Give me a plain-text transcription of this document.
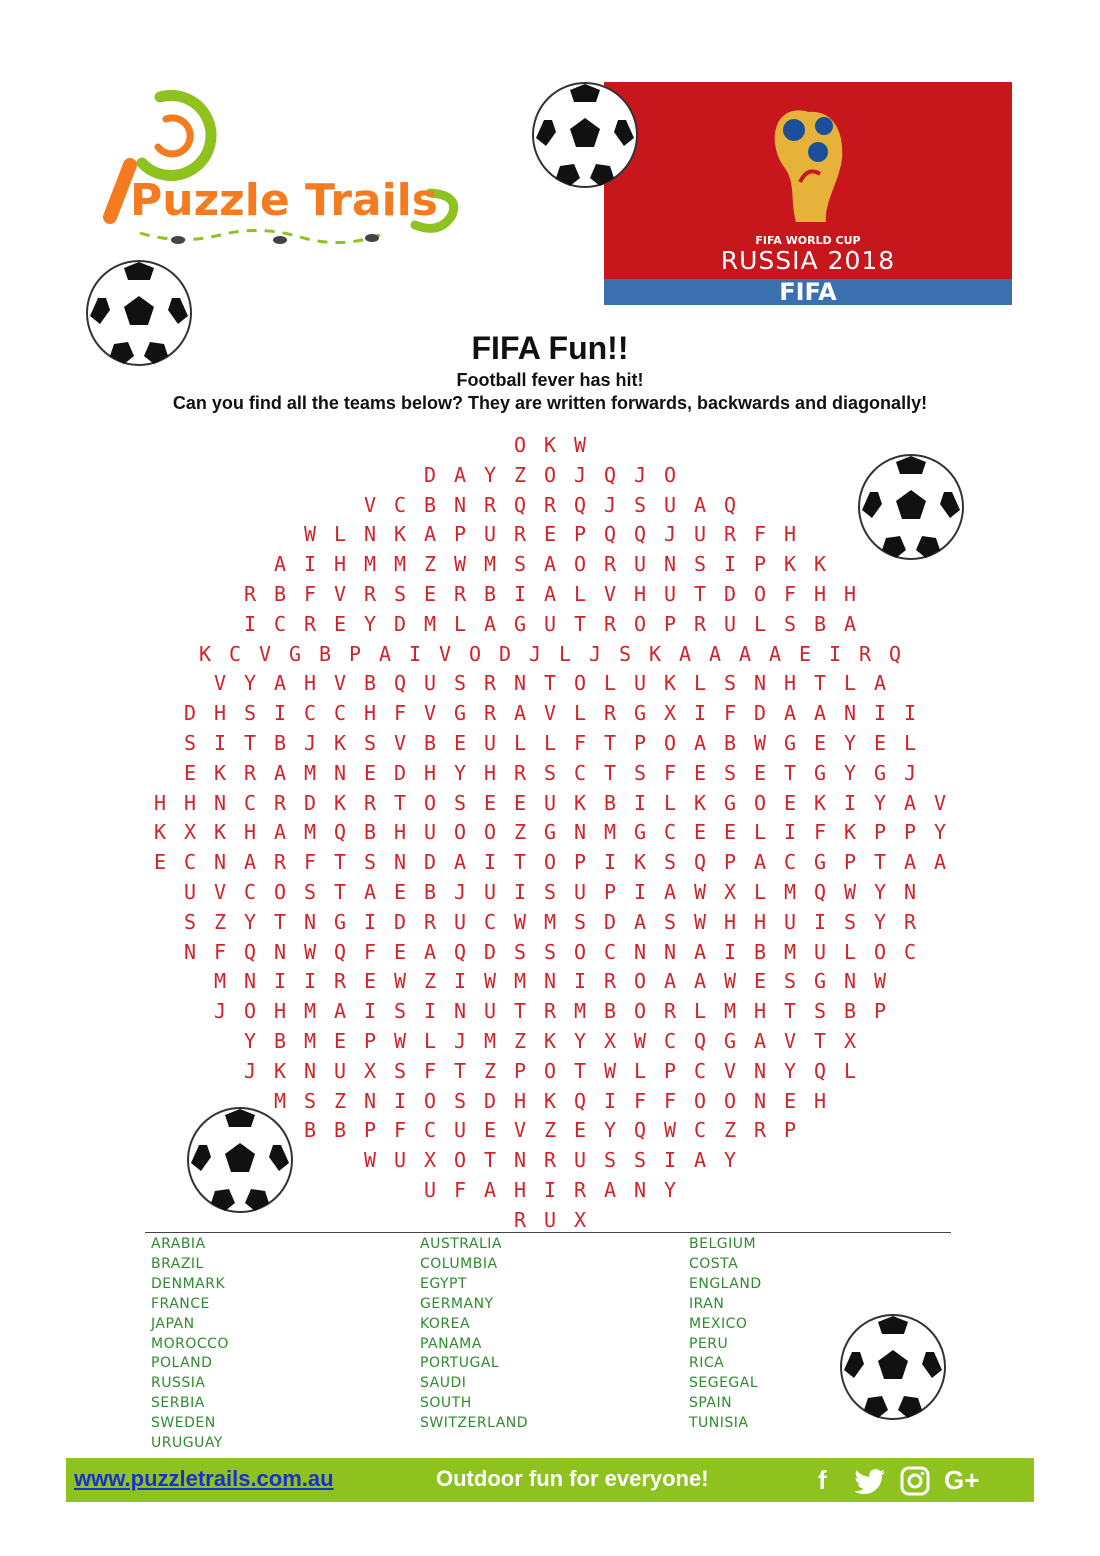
Puzzle Trails
FIFA WORLD CUP
RUSSIA 2018
FIFA
FIFA Fun!!
Football fever has hit!
Can you find all the teams below? They are written forwards, backwards and diagonally!
O K W
D A Y Z O J Q J O
V C B N R Q R Q J S U A Q
W L N K A P U R E P Q Q J U R F H
A I H M M Z W M S A O R U N S I P K K
R B F V R S E R B I A L V H U T D O F H H
I C R E Y D M L A G U T R O P R U L S B A
K C V G B P A I V O D J L J S K A A A A E I R Q
V Y A H V B Q U S R N T O L U K L S N H T L A
D H S I C C H F V G R A V L R G X I F D A A N I I
S I T B J K S V B E U L L F T P O A B W G E Y E L
E K R A M N E D H Y H R S C T S F E S E T G Y G J
H H N C R D K R T O S E E U K B I L K G O E K I Y A V
K X K H A M Q B H U O O Z G N M G C E E L I F K P P Y
E C N A R F T S N D A I T O P I K S Q P A C G P T A A
U V C O S T A E B J U I S U P I A W X L M Q W Y N
S Z Y T N G I D R U C W M S D A S W H H U I S Y R
N F Q N W Q F E A Q D S S O C N N A I B M U L O C
M N I I R E W Z I W M N I R O A A W E S G N W
J O H M A I S I N U T R M B O R L M H T S B P
Y B M E P W L J M Z K Y X W C Q G A V T X
J K N U X S F T Z P O T W L P C V N Y Q L
M S Z N I O S D H K Q I F F O O N E H
B B P F C U E V Z E Y Q W C Z R P
W U X O T N R U S S I A Y
U F A H I R A N Y
R U X
ARABIA	AUSTRALIA	BELGIUM
BRAZIL	COLUMBIA	COSTA
DENMARK	EGYPT	ENGLAND
FRANCE	GERMANY	IRAN
JAPAN	KOREA	MEXICO
MOROCCO	PANAMA	PERU
POLAND	PORTUGAL	RICA
RUSSIA	SAUDI	SEGEGAL
SERBIA	SOUTH	SPAIN
SWEDEN	SWITZERLAND	TUNISIA
URUGUAY
www.puzzletrails.com.au	Outdoor fun for everyone!	f	G+
